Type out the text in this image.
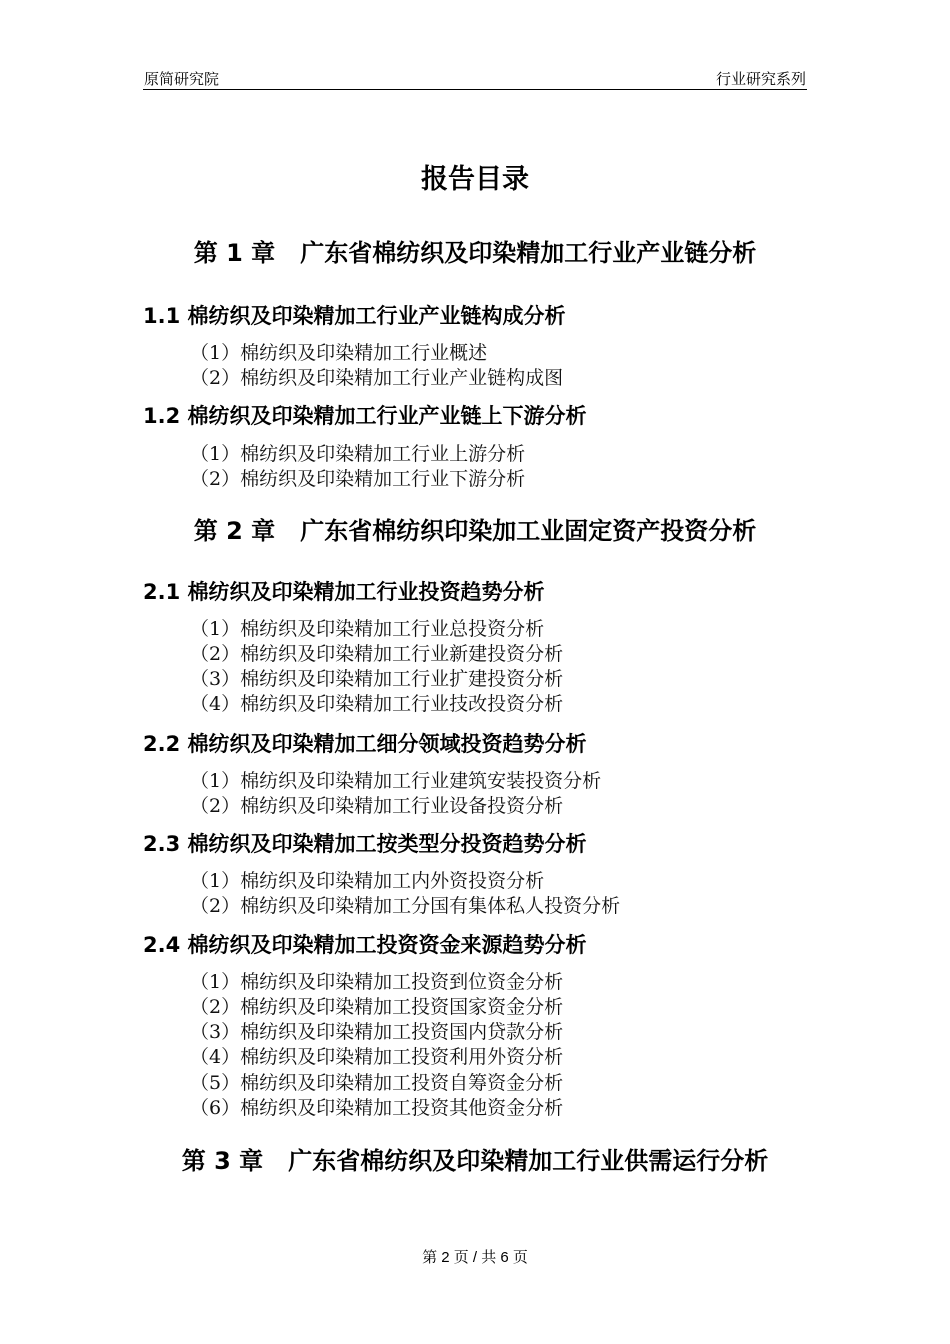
原简研究院	行业研究系列
报告目录
第 1 章   广东省棉纺织及印染精加工行业产业链分析
1.1 棉纺织及印染精加工行业产业链构成分析
（1）棉纺织及印染精加工行业概述
（2）棉纺织及印染精加工行业产业链构成图
1.2 棉纺织及印染精加工行业产业链上下游分析
（1）棉纺织及印染精加工行业上游分析
（2）棉纺织及印染精加工行业下游分析
第 2 章   广东省棉纺织印染加工业固定资产投资分析
2.1 棉纺织及印染精加工行业投资趋势分析
（1）棉纺织及印染精加工行业总投资分析
（2）棉纺织及印染精加工行业新建投资分析
（3）棉纺织及印染精加工行业扩建投资分析
（4）棉纺织及印染精加工行业技改投资分析
2.2 棉纺织及印染精加工细分领域投资趋势分析
（1）棉纺织及印染精加工行业建筑安装投资分析
（2）棉纺织及印染精加工行业设备投资分析
2.3 棉纺织及印染精加工按类型分投资趋势分析
（1）棉纺织及印染精加工内外资投资分析
（2）棉纺织及印染精加工分国有集体私人投资分析
2.4 棉纺织及印染精加工投资资金来源趋势分析
（1）棉纺织及印染精加工投资到位资金分析
（2）棉纺织及印染精加工投资国家资金分析
（3）棉纺织及印染精加工投资国内贷款分析
（4）棉纺织及印染精加工投资利用外资分析
（5）棉纺织及印染精加工投资自筹资金分析
（6）棉纺织及印染精加工投资其他资金分析
第 3 章   广东省棉纺织及印染精加工行业供需运行分析
第 2 页 / 共 6 页
